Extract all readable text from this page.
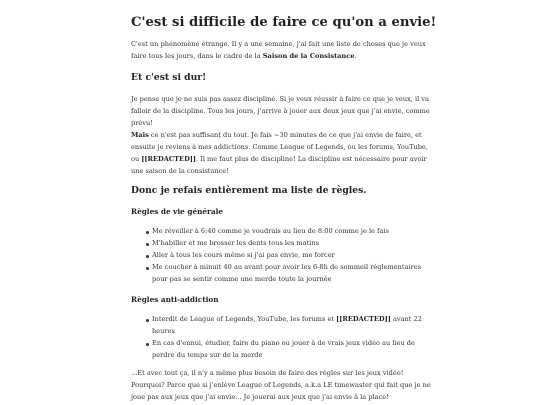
C'est si difficile de faire ce qu'on a envie!
C'est un phénomène étrange. Il y a une semaine, j'ai fait une liste de choses que je veux
faire tous les jours, dans le cadre de la Saison de la Consistance.
Et c'est si dur!
Je pense que je ne suis pas assez discipliné. Si je veux réussir à faire ce que je veux, il va
falloir de la discipline. Tous les jours, j'arrive à jouer aux deux jeux que j'ai envie, comme
prévu!
Mais ce n'est pas suffisant du tout. Je fais ~30 minutes de ce que j'ai envie de faire, et
ensuite je reviens à mes addictions. Comme League of Legends, ou les forums, YouTube,
ou [[REDACTED]]. Il me faut plus de discipline! La discipline est nécessaire pour avoir
une saison de la consistance!
Donc je refais entièrement ma liste de règles.
Règles de vie générale
Me réveiller à 6:40 comme je voudrais au lieu de 8:00 comme je le fais
M'habiller et me brosser les dents tous les matins
Aller à tous les cours même si j'ai pas envie, me forcer
Me coucher à minuit 40 au avant pour avoir les 6-8h de sommeil réglementaires
pour pas se sentir comme une merde toute la journée
Règles anti-addiction
Interdit de League of Legends, YouTube, les forums et [[REDACTED]] avant 22
heures
En cas d'ennui, étudier, faire du piano ou jouer à de vrais jeux vidéo au lieu de
perdre du temps sur de la merde
...Et avec tout ça, il n'y a même plus besoin de faire des règles sur les jeux vidéo!
Pourquoi? Parce que si j'enlève League of Legends, a.k.a LE timewaster qui fait que je ne
joue pas aux jeux que j'ai envie... Je jouerai aux jeux que j'ai envie à la place!
